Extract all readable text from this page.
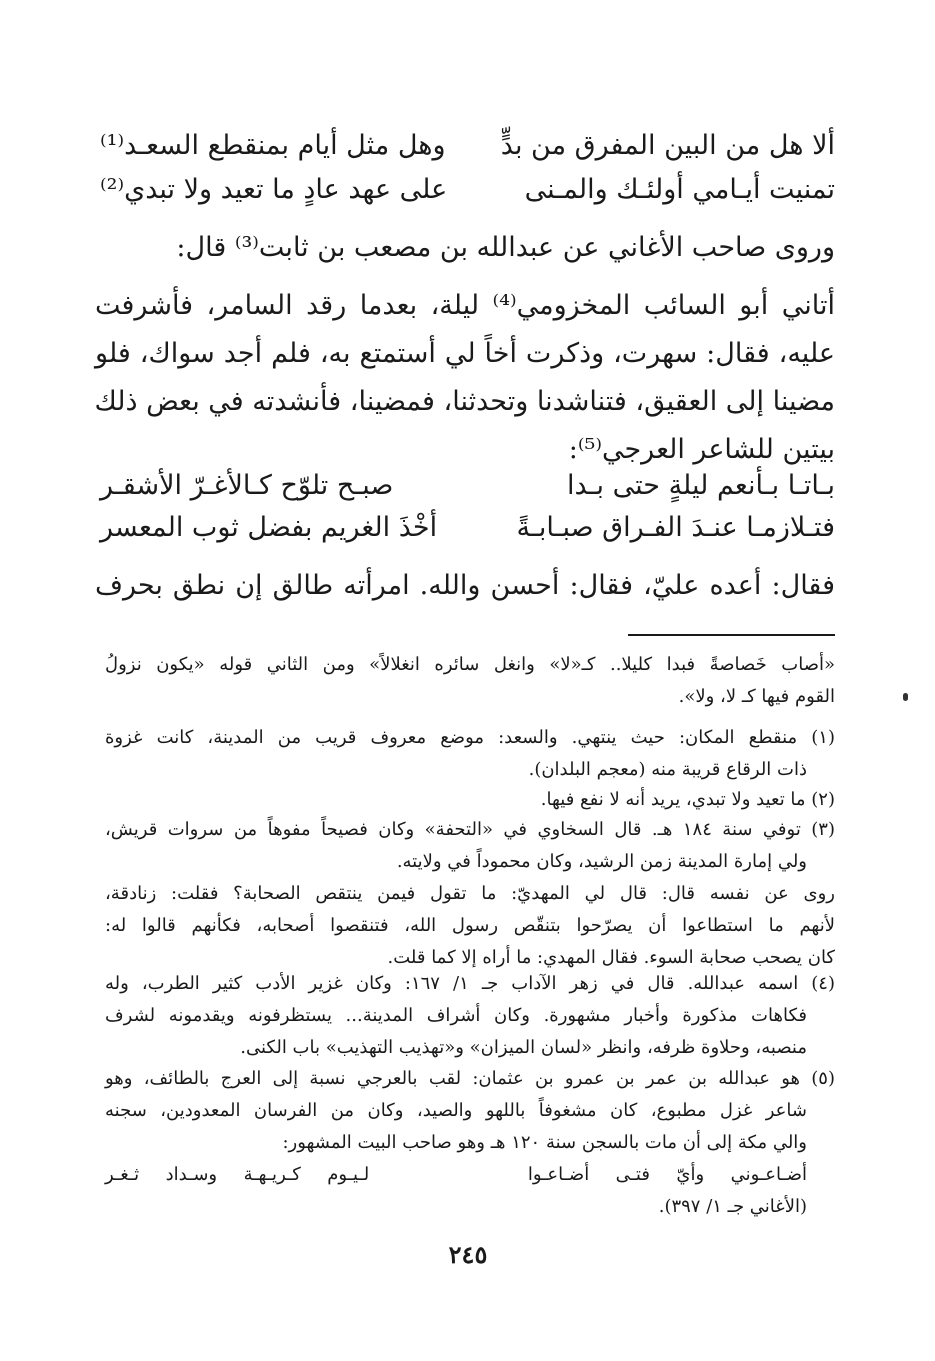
ألا هل من البين المفرق من بدٍّ
وهل مثل أيام بمنقطع السعـد⁽¹⁾
تمنيت أيـامي أولئـك والمـنى
على عهد عادٍ ما تعيد ولا تبدي⁽²⁾
وروى صاحب الأغاني عن عبدالله بن مصعب بن ثابت⁽³⁾ قال:
أتاني أبو السائب المخزومي⁽⁴⁾ ليلة، بعدما رقد السامر، فأشرفت
عليه، فقال: سهرت، وذكرت أخاً لي أستمتع به، فلم أجد سواك، فلو
مضينا إلى العقيق، فتناشدنا وتحدثنا، فمضينا، فأنشدته في بعض ذلك
بيتين للشاعر العرجي⁽⁵⁾:
بـاتـا بـأنعم ليلةٍ حتى بـدا
صبـح تلوّح كـالأغـرّ الأشقـر
فتـلازمـا عنـدَ الفـراق صبـابـةً
أخْذَ الغريم بفضل ثوب المعسر
فقال: أعده عليّ، فقال: أحسن والله. امرأته طالق إن نطق بحرف
«أصاب خَصاصةً فبدا كليلا.. كـ«لا» وانغل سائره انغلالاً» ومن الثاني قوله «يكون نزولُ
القوم فيها كـ لا، ولا».
(١) منقطع المكان: حيث ينتهي. والسعد: موضع معروف قريب من المدينة، كانت غزوة
ذات الرقاع قريبة منه (معجم البلدان).
(٢) ما تعيد ولا تبدي، يريد أنه لا نفع فيها.
(٣) توفي سنة ١٨٤ هـ. قال السخاوي في «التحفة» وكان فصيحاً مفوهاً من سروات قريش،
ولي إمارة المدينة زمن الرشيد، وكان محموداً في ولايته.
روى عن نفسه قال: قال لي المهديّ: ما تقول فيمن ينتقص الصحابة؟ فقلت: زنادقة،
لأنهم ما استطاعوا أن يصرّحوا بتنقّص رسول الله، فتنقصوا أصحابه، فكأنهم قالوا له:
كان يصحب صحابة السوء. فقال المهدي: ما أراه إلا كما قلت.
(٤) اسمه عبدالله. قال في زهر الآداب جـ ١/ ١٦٧: وكان غزير الأدب كثير الطرب، وله
فكاهات مذكورة وأخبار مشهورة. وكان أشراف المدينة... يستظرفونه ويقدمونه لشرف
منصبه، وحلاوة ظرفه، وانظر «لسان الميزان» و«تهذيب التهذيب» باب الكنى.
(٥) هو عبدالله بن عمر بن عمرو بن عثمان: لقب بالعرجي نسبة إلى العرج بالطائف، وهو
شاعر غزل مطبوع، كان مشغوفاً باللهو والصيد، وكان من الفرسان المعدودين، سجنه
والي مكة إلى أن مات بالسجن سنة ١٢٠ هـ وهو صاحب البيت المشهور:
أضـاعـوني وأيّ فتـى أضـاعـوا      لـيـوم كـريـهـة وسـداد ثـغـر
(الأغاني جـ ١/ ٣٩٧).
٢٤٥
